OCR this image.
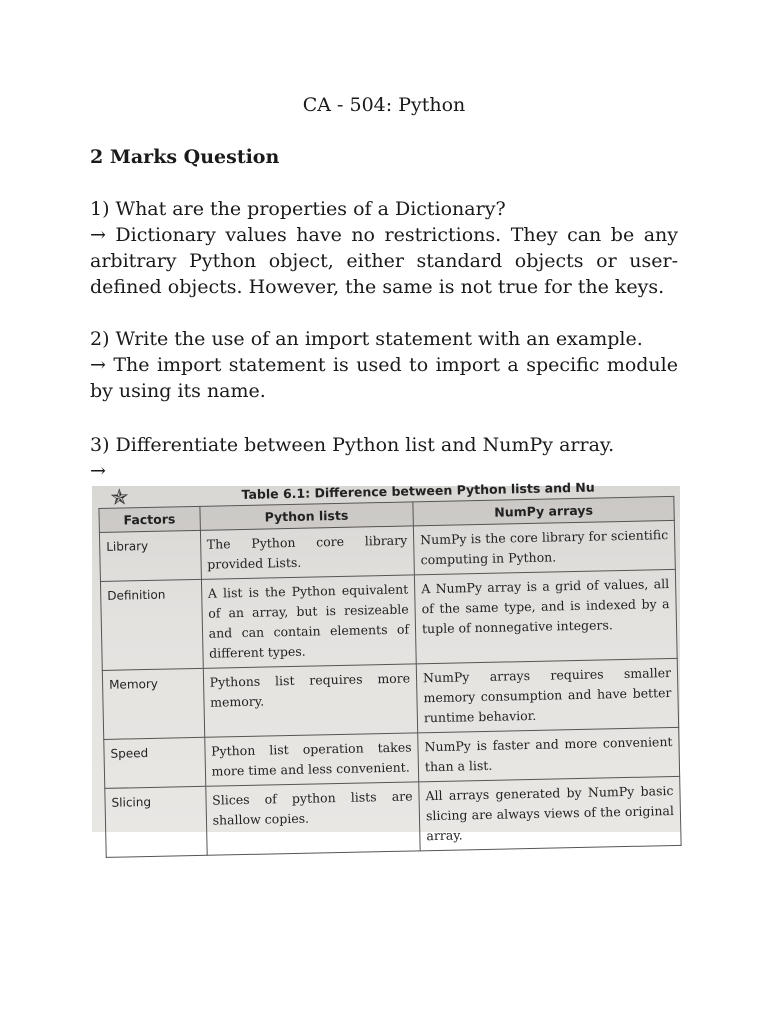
CA - 504: Python
2 Marks Question

1) What are the properties of a Dictionary?

→ Dictionary values have no restrictions. They can be any arbitrary Python object, either standard objects or user-defined objects. However, the same is not true for the keys.

2) Write the use of an import statement with an example.

→ The import statement is used to import a specific module by using its name.

3) Differentiate between Python list and NumPy array.

→

✯	Table 6.1: Difference between Python lists and Nu
Factors	Python lists	NumPy arrays
Library	The Python core library provided Lists.	NumPy is the core library for scientific computing in Python.
Definition	A list is the Python equivalent of an array, but is resizeable and can contain elements of different types.	A NumPy array is a grid of values, all of the same type, and is indexed by a tuple of nonnegative integers.
Memory	Pythons list requires more memory.	NumPy arrays requires smaller memory consumption and have better runtime behavior.
Speed	Python list operation takes more time and less convenient.	NumPy is faster and more convenient than a list.
Slicing	Slices of python lists are shallow copies.	All arrays generated by NumPy basic slicing are always views of the original array.
